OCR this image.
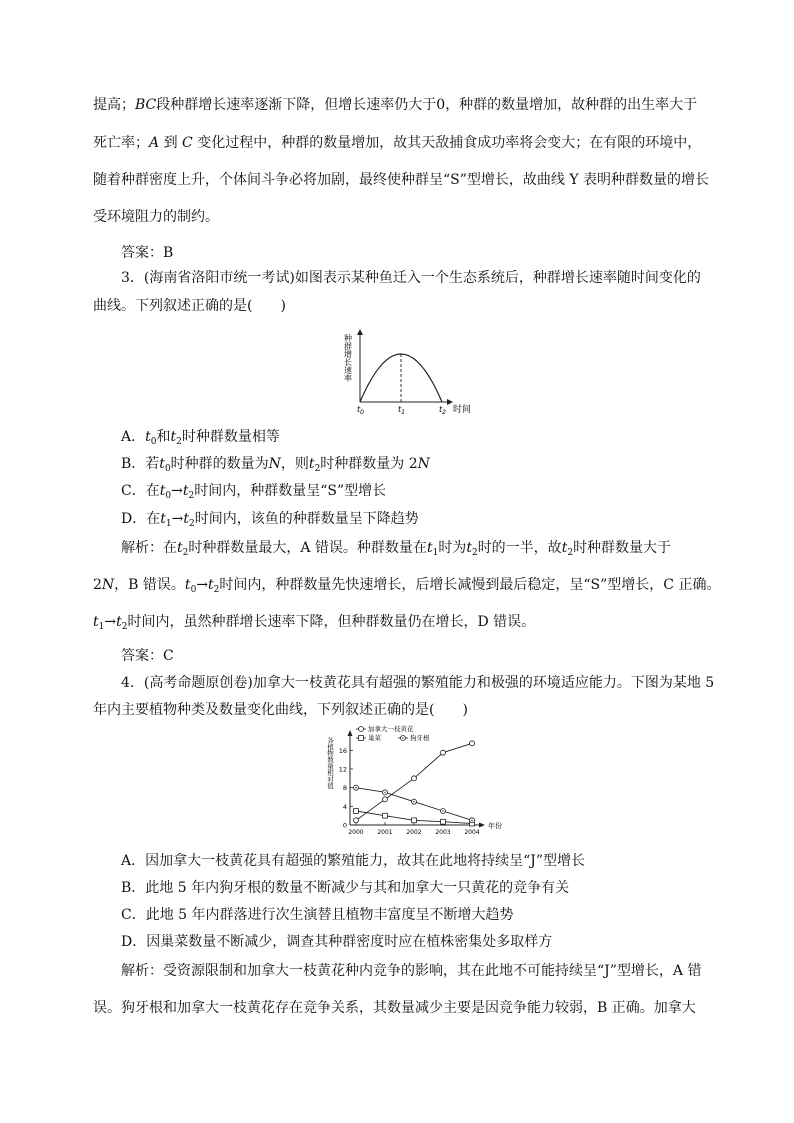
提高；BC段种群增长速率逐渐下降，但增长速率仍大于0，种群的数量增加，故种群的出生率大于
死亡率；A 到 C 变化过程中，种群的数量增加，故其天敌捕食成功率将会变大；在有限的环境中，
随着种群密度上升，个体间斗争必将加剧，最终使种群呈“S”型增长，故曲线 Y 表明种群数量的增长
受环境阻力的制约。
答案：B
3．(海南省洛阳市统一考试)如图表示某种鱼迁入一个生态系统后，种群增长速率随时间变化的
曲线。下列叙述正确的是(　　)
种群增长速率
$t_0$	$t_1$	$t_2$ 时间
A．$t_0$和$t_2$时种群数量相等
B．若$t_0$时种群的数量为N，则$t_2$时种群数量为 2N
C．在$t_0\to t_2$时间内，种群数量呈“S”型增长
D．在$t_1\to t_2$时间内，该鱼的种群数量呈下降趋势
解析：在$t_2$时种群数量最大，A 错误。种群数量在$t_1$时为$t_2$时的一半，故$t_2$时种群数量大于
2N，B 错误。$t_0\to t_2$时间内，种群数量先快速增长，后增长减慢到最后稳定，呈“S”型增长，C 正确。
$t_1\to t_2$时间内，虽然种群增长速率下降，但种群数量仍在增长，D 错误。
答案：C
4．(高考命题原创卷)加拿大一枝黄花具有超强的繁殖能力和极强的环境适应能力。下图为某地 5
年内主要植物种类及数量变化曲线，下列叙述正确的是(　　)
加拿大一枝黄花
巢菜	狗牙根
0
4
8
12
16
2000 2001 2002 2003 2004
各植物数量相对值
年份
A．因加拿大一枝黄花具有超强的繁殖能力，故其在此地将持续呈“J”型增长
B．此地 5 年内狗牙根的数量不断减少与其和加拿大一只黄花的竞争有关
C．此地 5 年内群落进行次生演替且植物丰富度呈不断增大趋势
D．因巢菜数量不断减少，调查其种群密度时应在植株密集处多取样方
解析：受资源限制和加拿大一枝黄花种内竞争的影响，其在此地不可能持续呈“J”型增长，A 错
误。狗牙根和加拿大一枝黄花存在竞争关系，其数量减少主要是因竞争能力较弱，B 正确。加拿大
